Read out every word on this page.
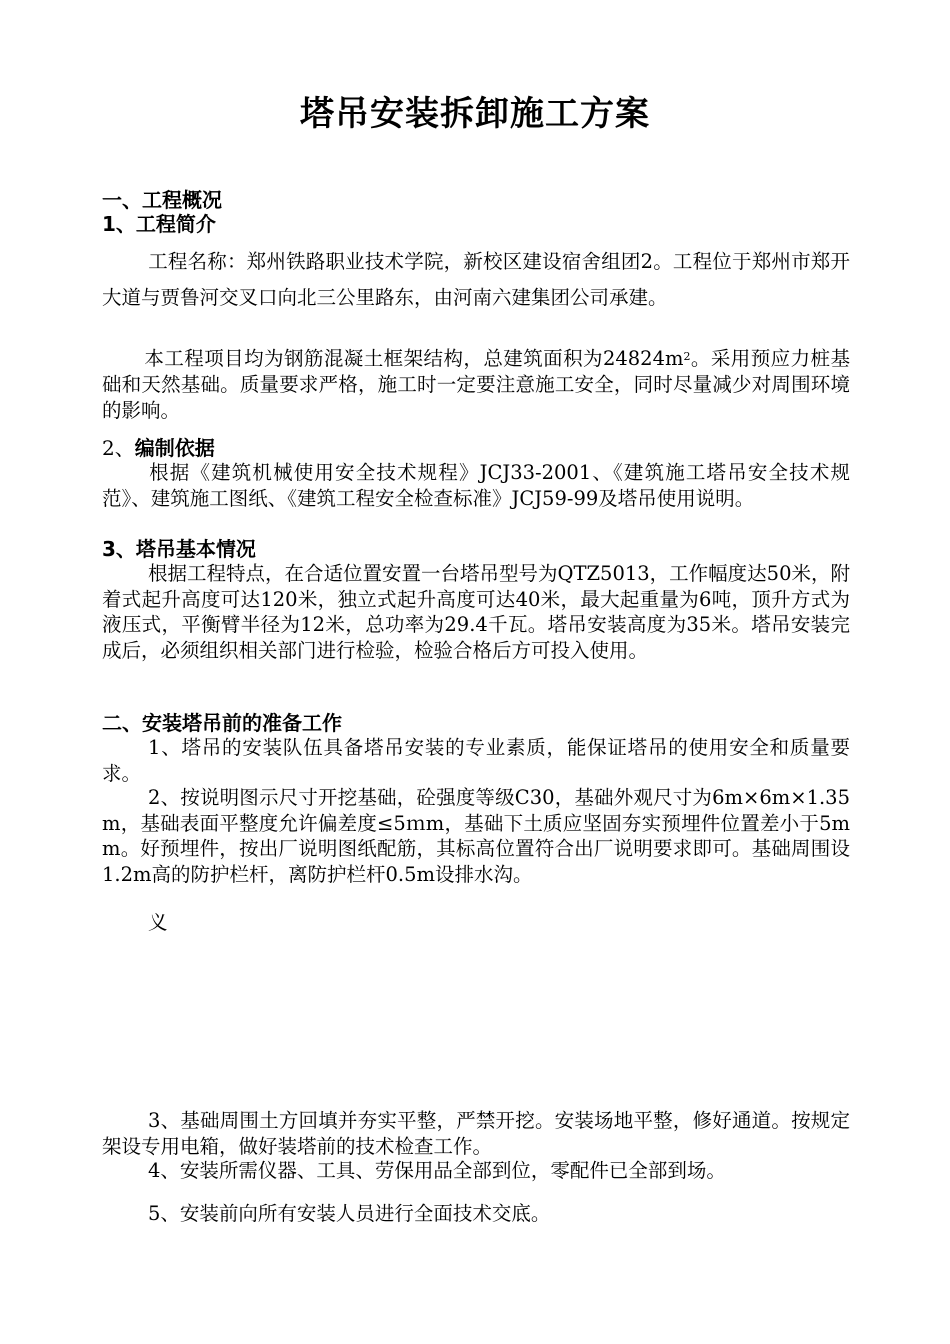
塔吊安装拆卸施工方案
一、工程概况
1、工程简介
工程名称：郑州铁路职业技术学院，新校区建设宿舍组团2。工程位于郑州市郑开大道与贾鲁河交叉口向北三公里路东，由河南六建集团公司承建。
本工程项目均为钢筋混凝土框架结构，总建筑面积为$24824m^2$。采用预应力桩基础和天然基础。质量要求严格，施工时一定要注意施工安全，同时尽量减少对周围环境的影响。
2、编制依据
根据《建筑机械使用安全技术规程》JCJ33-2001、《建筑施工塔吊安全技术规范》、建筑施工图纸、《建筑工程安全检查标准》JCJ59-99及塔吊使用说明。
3、塔吊基本情况
根据工程特点，在合适位置安置一台塔吊型号为QTZ5013，工作幅度达50米，附着式起升高度可达120米，独立式起升高度可达40米，最大起重量为6吨，顶升方式为液压式，平衡臂半径为12米，总功率为29.4千瓦。塔吊安装高度为35米。塔吊安装完成后，必须组织相关部门进行检验，检验合格后方可投入使用。
二、安装塔吊前的准备工作
1、塔吊的安装队伍具备塔吊安装的专业素质，能保证塔吊的使用安全和质量要求。
2、按说明图示尺寸开挖基础，砼强度等级C30，基础外观尺寸为6m×6m×1.35m，基础表面平整度允许偏差度≤5ｍm，基础下土质应坚固夯实预埋件位置差小于5mm。好预埋件，按出厂说明图纸配筋，其标高位置符合出厂说明要求即可。基础周围设1.2m高的防护栏杆，离防护栏杆0.5m设排水沟。
义
3、基础周围土方回填并夯实平整，严禁开挖。安装场地平整，修好通道。按规定架设专用电箱，做好装塔前的技术检查工作。
4、安装所需仪器、工具、劳保用品全部到位，零配件已全部到场。
5、安装前向所有安装人员进行全面技术交底。
